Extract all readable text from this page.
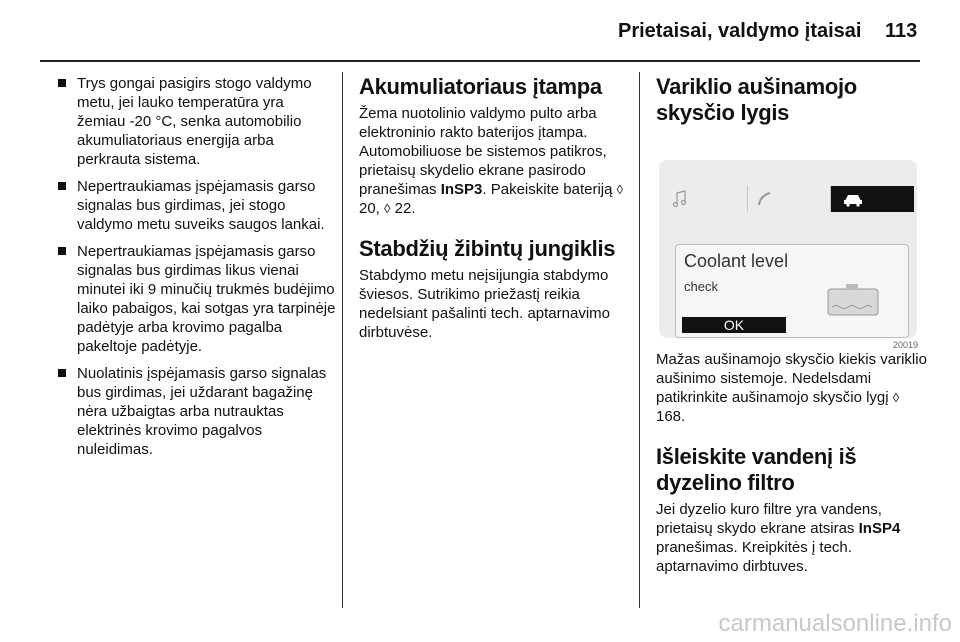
Prietaisai, valdymo įtaisai 113
Trys gongai pasigirs stogo valdymo metu, jei lauko temperatūra yra žemiau -20 °C, senka automobilio akumuliatoriaus energija arba perkrauta sistema.
Nepertraukiamas įspėjamasis garso signalas bus girdimas, jei stogo valdymo metu suveiks saugos lankai.
Nepertraukiamas įspėjamasis garso signalas bus girdimas likus vienai minutei iki 9 minučių trukmės budėjimo laiko pabaigos, kai sotgas yra tarpinėje padėtyje arba krovimo pagalba pakeltoje padėtyje.
Nuolatinis įspėjamasis garso signalas bus girdimas, jei uždarant bagažinę nėra užbaigtas arba nutrauktas elektrinės krovimo pagalvos nuleidimas.
Akumuliatoriaus įtampa

Žema nuotolinio valdymo pulto arba elektroninio rakto baterijos įtampa. Automobiliuose be sistemos patikros, prietaisų skydelio ekrane pasirodo pranešimas InSP3. Pakeiskite bateriją ◊ 20, ◊ 22.

Stabdžių žibintų jungiklis

Stabdymo metu neįsijungia stabdymo šviesos. Sutrikimo priežastį reikia nedelsiant pašalinti tech. aptarnavimo dirbtuvėse.

Variklio aušinamojo
skysčio lygis
Coolant level
check
OK
20019

Mažas aušinamojo skysčio kiekis variklio aušinimo sistemoje. Nedelsdami patikrinkite aušinamojo skysčio lygį ◊ 168.

Išleiskite vandenį iš
dyzelino filtro

Jei dyzelio kuro filtre yra vandens, prietaisų skydo ekrane atsiras InSP4 pranešimas. Kreipkitės į tech. aptarnavimo dirbtuves.

carmanualsonline.info
